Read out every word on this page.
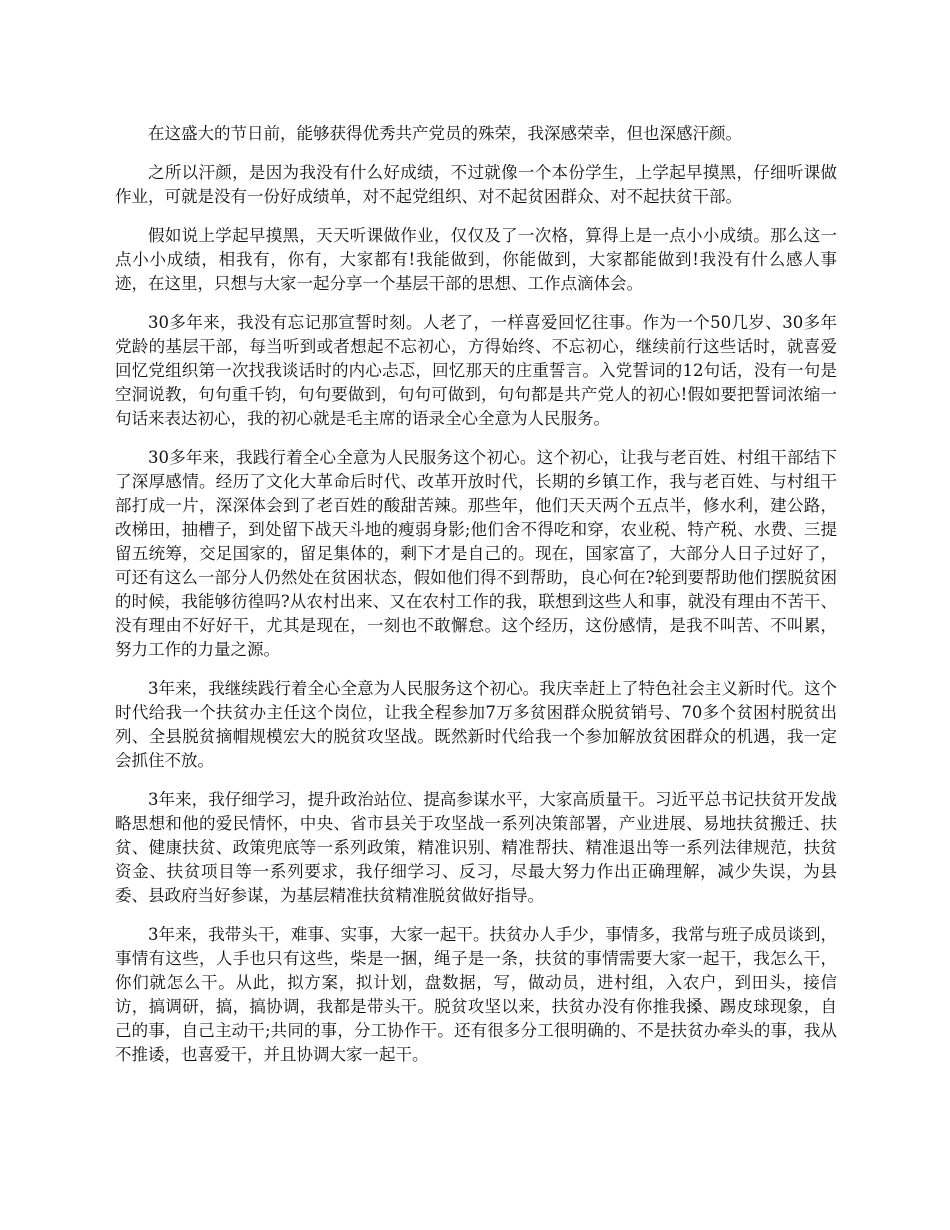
在这盛大的节日前，能够获得优秀共产党员的殊荣，我深感荣幸，但也深感汗颜。

之所以汗颜，是因为我没有什么好成绩，不过就像一个本份学生，上学起早摸黑，仔细听课做作业，可就是没有一份好成绩单，对不起党组织、对不起贫困群众、对不起扶贫干部。

假如说上学起早摸黑，天天听课做作业，仅仅及了一次格，算得上是一点小小成绩。那么这一点小小成绩，相我有，你有，大家都有!我能做到，你能做到，大家都能做到!我没有什么感人事迹，在这里，只想与大家一起分享一个基层干部的思想、工作点滴体会。

30多年来，我没有忘记那宣誓时刻。人老了，一样喜爱回忆往事。作为一个50几岁、30多年党龄的基层干部，每当听到或者想起不忘初心，方得始终、不忘初心，继续前行这些话时，就喜爱回忆党组织第一次找我谈话时的内心忐忑，回忆那天的庄重誓言。入党誓词的12句话，没有一句是空洞说教，句句重千钧，句句要做到，句句可做到，句句都是共产党人的初心!假如要把誓词浓缩一句话来表达初心，我的初心就是毛主席的语录全心全意为人民服务。

30多年来，我践行着全心全意为人民服务这个初心。这个初心，让我与老百姓、村组干部结下了深厚感情。经历了文化大革命后时代、改革开放时代，长期的乡镇工作，我与老百姓、与村组干部打成一片，深深体会到了老百姓的酸甜苦辣。那些年，他们天天两个五点半，修水利，建公路，改梯田，抽槽子，到处留下战天斗地的瘦弱身影;他们舍不得吃和穿，农业税、特产税、水费、三提留五统筹，交足国家的，留足集体的，剩下才是自己的。现在，国家富了，大部分人日子过好了，可还有这么一部分人仍然处在贫困状态，假如他们得不到帮助，良心何在?轮到要帮助他们摆脱贫困的时候，我能够彷徨吗?从农村出来、又在农村工作的我，联想到这些人和事，就没有理由不苦干、没有理由不好好干，尤其是现在，一刻也不敢懈怠。这个经历，这份感情，是我不叫苦、不叫累，努力工作的力量之源。

3年来，我继续践行着全心全意为人民服务这个初心。我庆幸赶上了特色社会主义新时代。这个时代给我一个扶贫办主任这个岗位，让我全程参加7万多贫困群众脱贫销号、70多个贫困村脱贫出列、全县脱贫摘帽规模宏大的脱贫攻坚战。既然新时代给我一个参加解放贫困群众的机遇，我一定会抓住不放。

3年来，我仔细学习，提升政治站位、提高参谋水平，大家高质量干。习近平总书记扶贫开发战略思想和他的爱民情怀，中央、省市县关于攻坚战一系列决策部署，产业进展、易地扶贫搬迁、扶贫、健康扶贫、政策兜底等一系列政策，精准识别、精准帮扶、精准退出等一系列法律规范，扶贫资金、扶贫项目等一系列要求，我仔细学习、反习，尽最大努力作出正确理解，减少失误，为县委、县政府当好参谋，为基层精准扶贫精准脱贫做好指导。

3年来，我带头干，难事、实事，大家一起干。扶贫办人手少，事情多，我常与班子成员谈到，事情有这些，人手也只有这些，柴是一捆，绳子是一条，扶贫的事情需要大家一起干，我怎么干，你们就怎么干。从此，拟方案，拟计划，盘数据，写，做动员，进村组，入农户，到田头，接信访，搞调研，搞，搞协调，我都是带头干。脱贫攻坚以来，扶贫办没有你推我搡、踢皮球现象，自己的事，自己主动干;共同的事，分工协作干。还有很多分工很明确的、不是扶贫办牵头的事，我从不推诿，也喜爱干，并且协调大家一起干。
